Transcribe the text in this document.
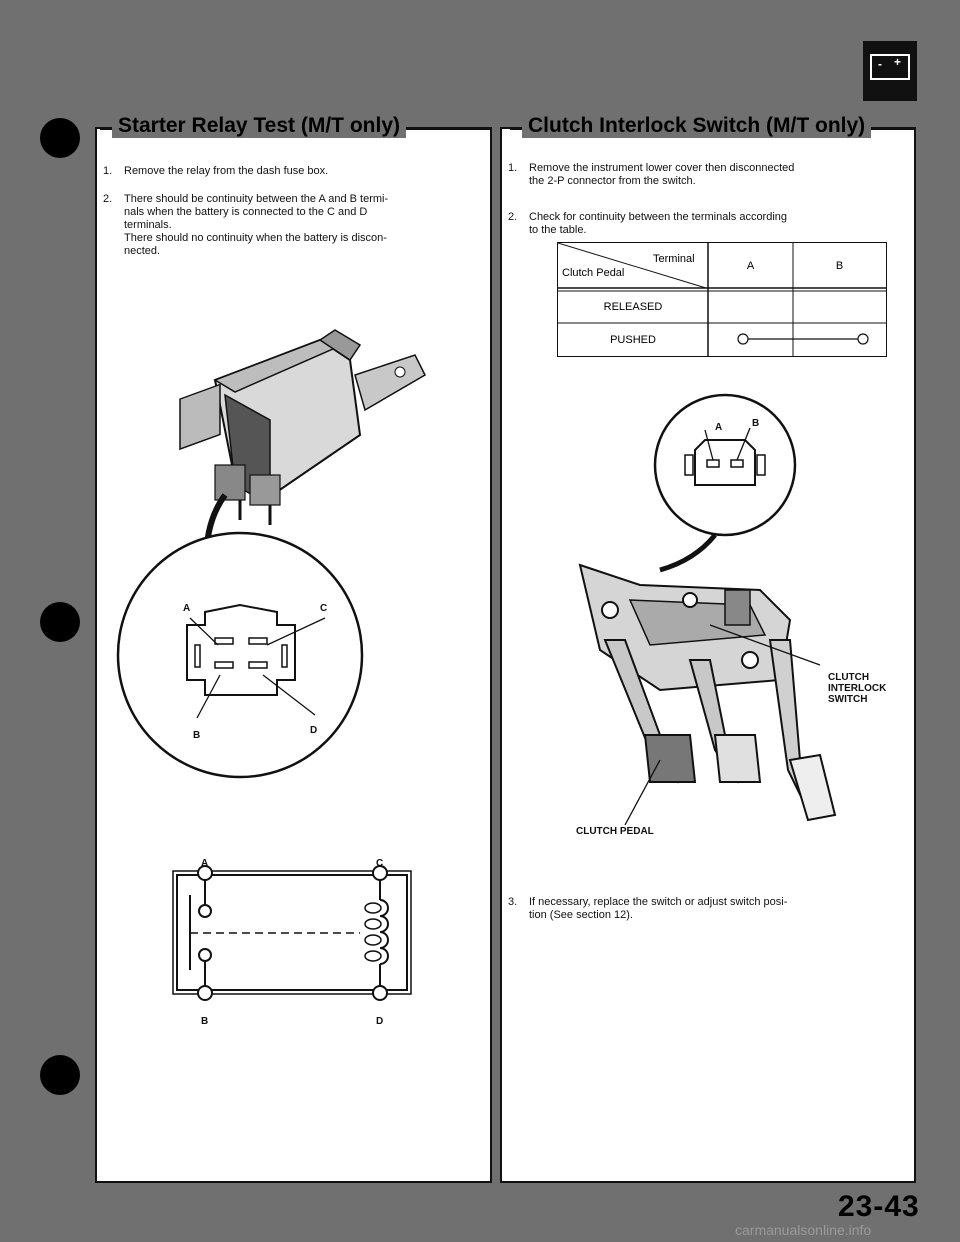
- +
Starter Relay Test (M/T only)	Clutch Interlock Switch (M/T only)
1. Remove the relay from the dash fuse box.
2. There should be continuity between the A and B termi-
nals when the battery is connected to the C and D
terminals.
There should no continuity when the battery is discon-
nected.
A	C
B	D
A	C
B	D
1. Remove the instrument lower cover then disconnected
the 2-P connector from the switch.
2. Check for continuity between the terminals according
to the table.
Terminal
Clutch Pedal
A	B
RELEASED
PUSHED
A	B
CLUTCH
INTERLOCK
SWITCH
CLUTCH PEDAL
3. If necessary, replace the switch or adjust switch posi-
tion (See section 12).
23-43
carmanualsonline.info
